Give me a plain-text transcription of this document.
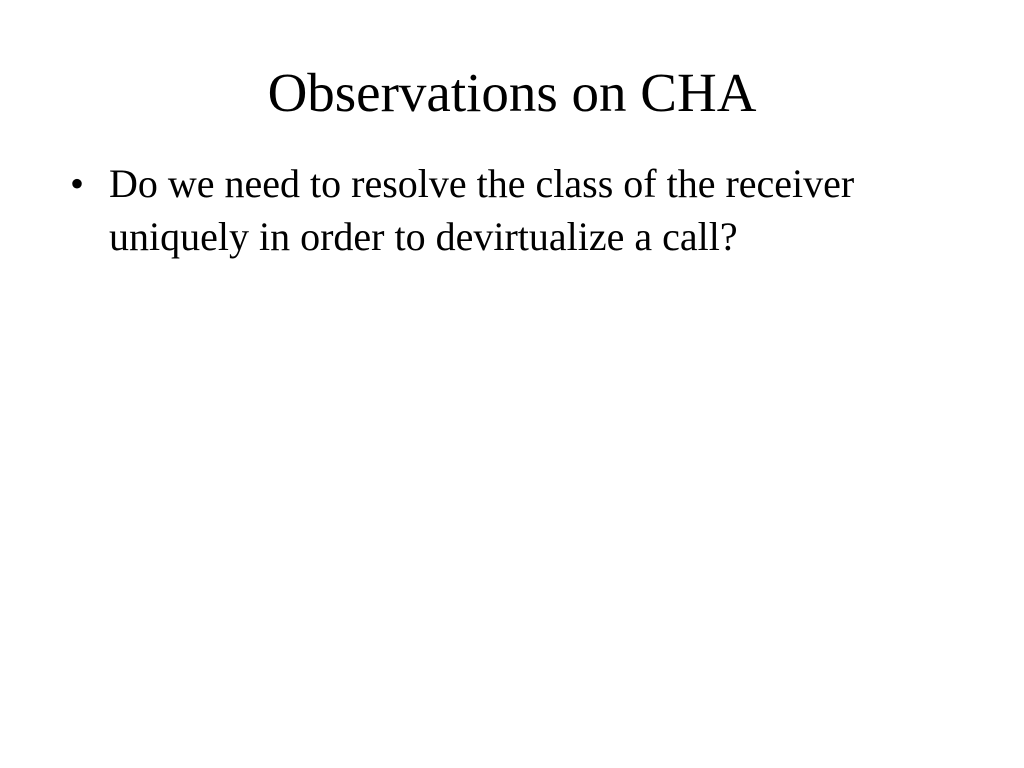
Observations on CHA
• Do we need to resolve the class of the receiver uniquely in order to devirtualize a call?
